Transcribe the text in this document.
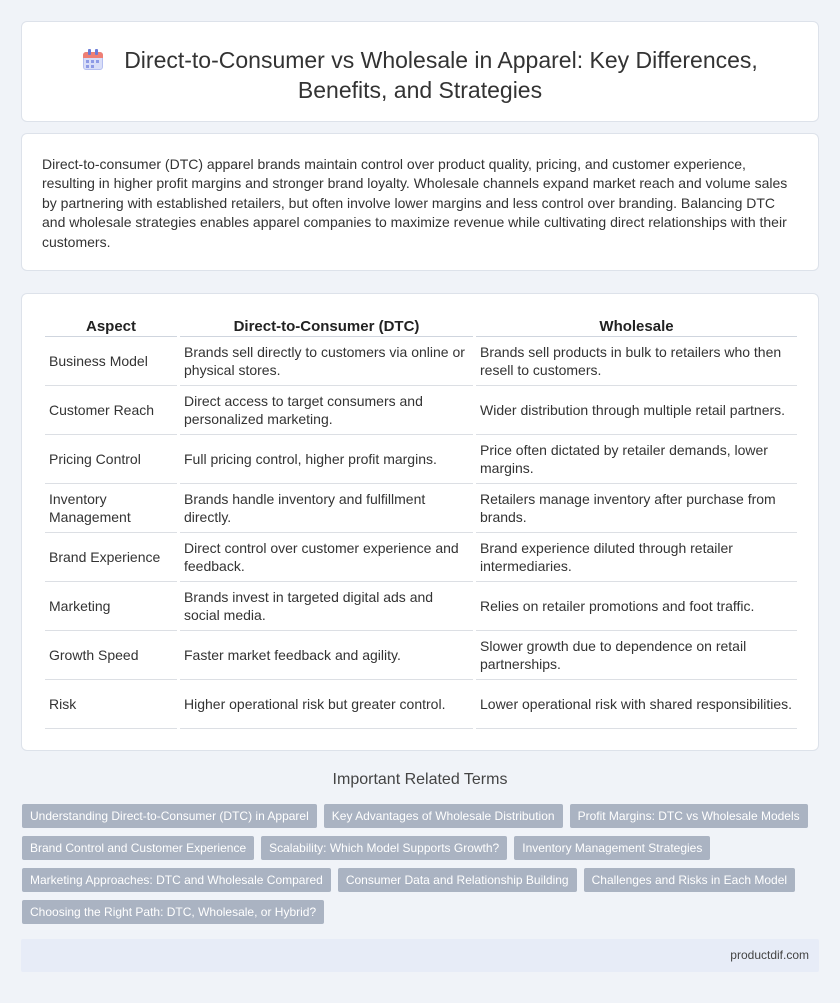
Direct-to-Consumer vs Wholesale in Apparel: Key Differences, Benefits, and Strategies

Direct-to-consumer (DTC) apparel brands maintain control over product quality, pricing, and customer experience, resulting in higher profit margins and stronger brand loyalty. Wholesale channels expand market reach and volume sales by partnering with established retailers, but often involve lower margins and less control over branding. Balancing DTC and wholesale strategies enables apparel companies to maximize revenue while cultivating direct relationships with their customers.

Aspect	Direct-to-Consumer (DTC)	Wholesale
Business Model	Brands sell directly to customers via online or physical stores.	Brands sell products in bulk to retailers who then resell to customers.
Customer Reach	Direct access to target consumers and personalized marketing.	Wider distribution through multiple retail partners.
Pricing Control	Full pricing control, higher profit margins.	Price often dictated by retailer demands, lower margins.
Inventory Management	Brands handle inventory and fulfillment directly.	Retailers manage inventory after purchase from brands.
Brand Experience	Direct control over customer experience and feedback.	Brand experience diluted through retailer intermediaries.
Marketing	Brands invest in targeted digital ads and social media.	Relies on retailer promotions and foot traffic.
Growth Speed	Faster market feedback and agility.	Slower growth due to dependence on retail partnerships.
Risk	Higher operational risk but greater control.	Lower operational risk with shared responsibilities.
Important Related Terms
Understanding Direct-to-Consumer (DTC) in Apparel	Key Advantages of Wholesale Distribution	Profit Margins: DTC vs Wholesale Models
Brand Control and Customer Experience	Scalability: Which Model Supports Growth?	Inventory Management Strategies
Marketing Approaches: DTC and Wholesale Compared	Consumer Data and Relationship Building	Challenges and Risks in Each Model
Choosing the Right Path: DTC, Wholesale, or Hybrid?
productdif.com
